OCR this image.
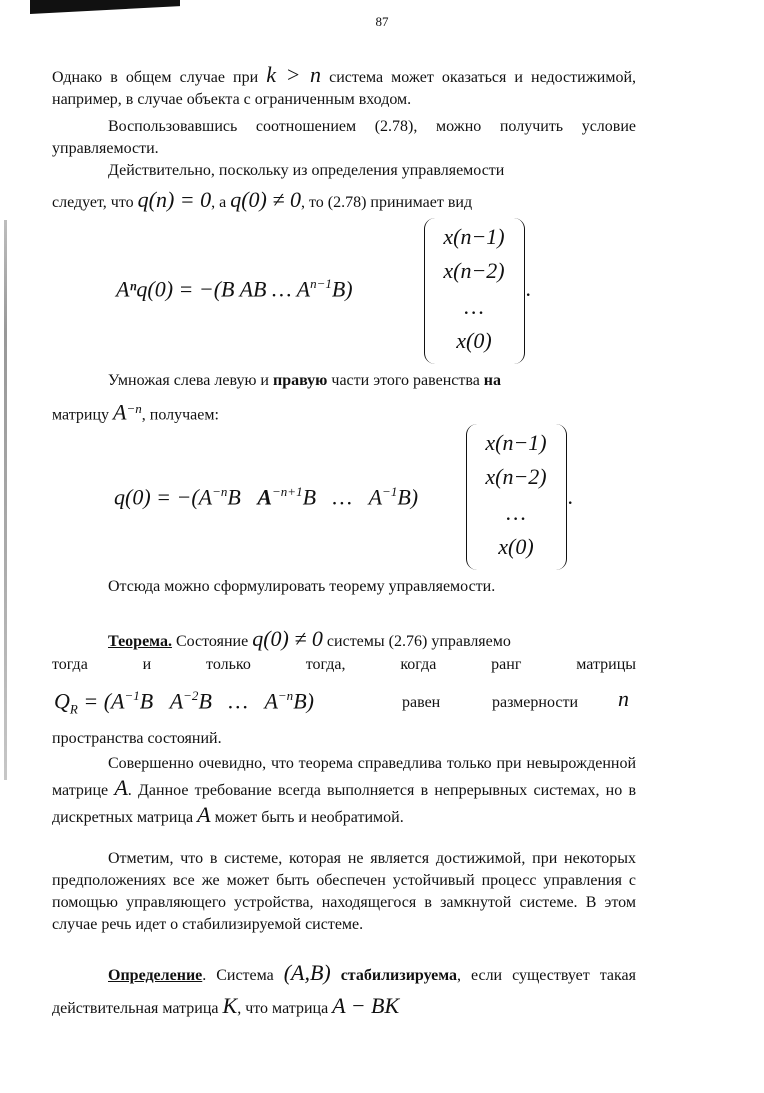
87

Однако в общем случае при k > n система может оказаться и недостижимой, например, в случае объекта с ограниченным входом.

Воспользовавшись соотношением (2.78), можно получить условие управляемости.

Действительно, поскольку из определения управляемости

следует, что q(n) = 0, а q(0) ≠ 0, то (2.78) принимает вид

Aⁿq(0) = −(B AB … $A^{n-1}B$)
x(n−1)
x(n−2)
…
x(0)
.

Умножая слева левую и правую части этого равенства на

матрицу $A^{-n}$, получаем:

$q(0) = -(A^{-n}B$ $A^{-n+1}B$ … $A^{-1}B$)
x(n−1)
x(n−2)
…
x(0)
.

Отсюда можно сформулировать теорему управляемости.

Теорема. Состояние q(0) ≠ 0 системы (2.76) управляемо

тогда	и	только	тогда,	когда	ранг	матрицы
$Q_R = (A^{-1}B$ $A^{-2}B$ … $A^{-n}B$)	равен размерности n

пространства состояний.

Совершенно очевидно, что теорема справедлива только при невырожденной матрице A. Данное требование всегда выполняется в непрерывных системах, но в дискретных матрица A может быть и необратимой.

Отметим, что в системе, которая не является достижимой, при некоторых предположениях все же может быть обеспечен устойчивый процесс управления с помощью управляющего устройства, находящегося в замкнутой системе. В этом случае речь идет о стабилизируемой системе.

Определение. Система (A,B) стабилизируема, если существует такая действительная матрица K, что матрица A − BK
